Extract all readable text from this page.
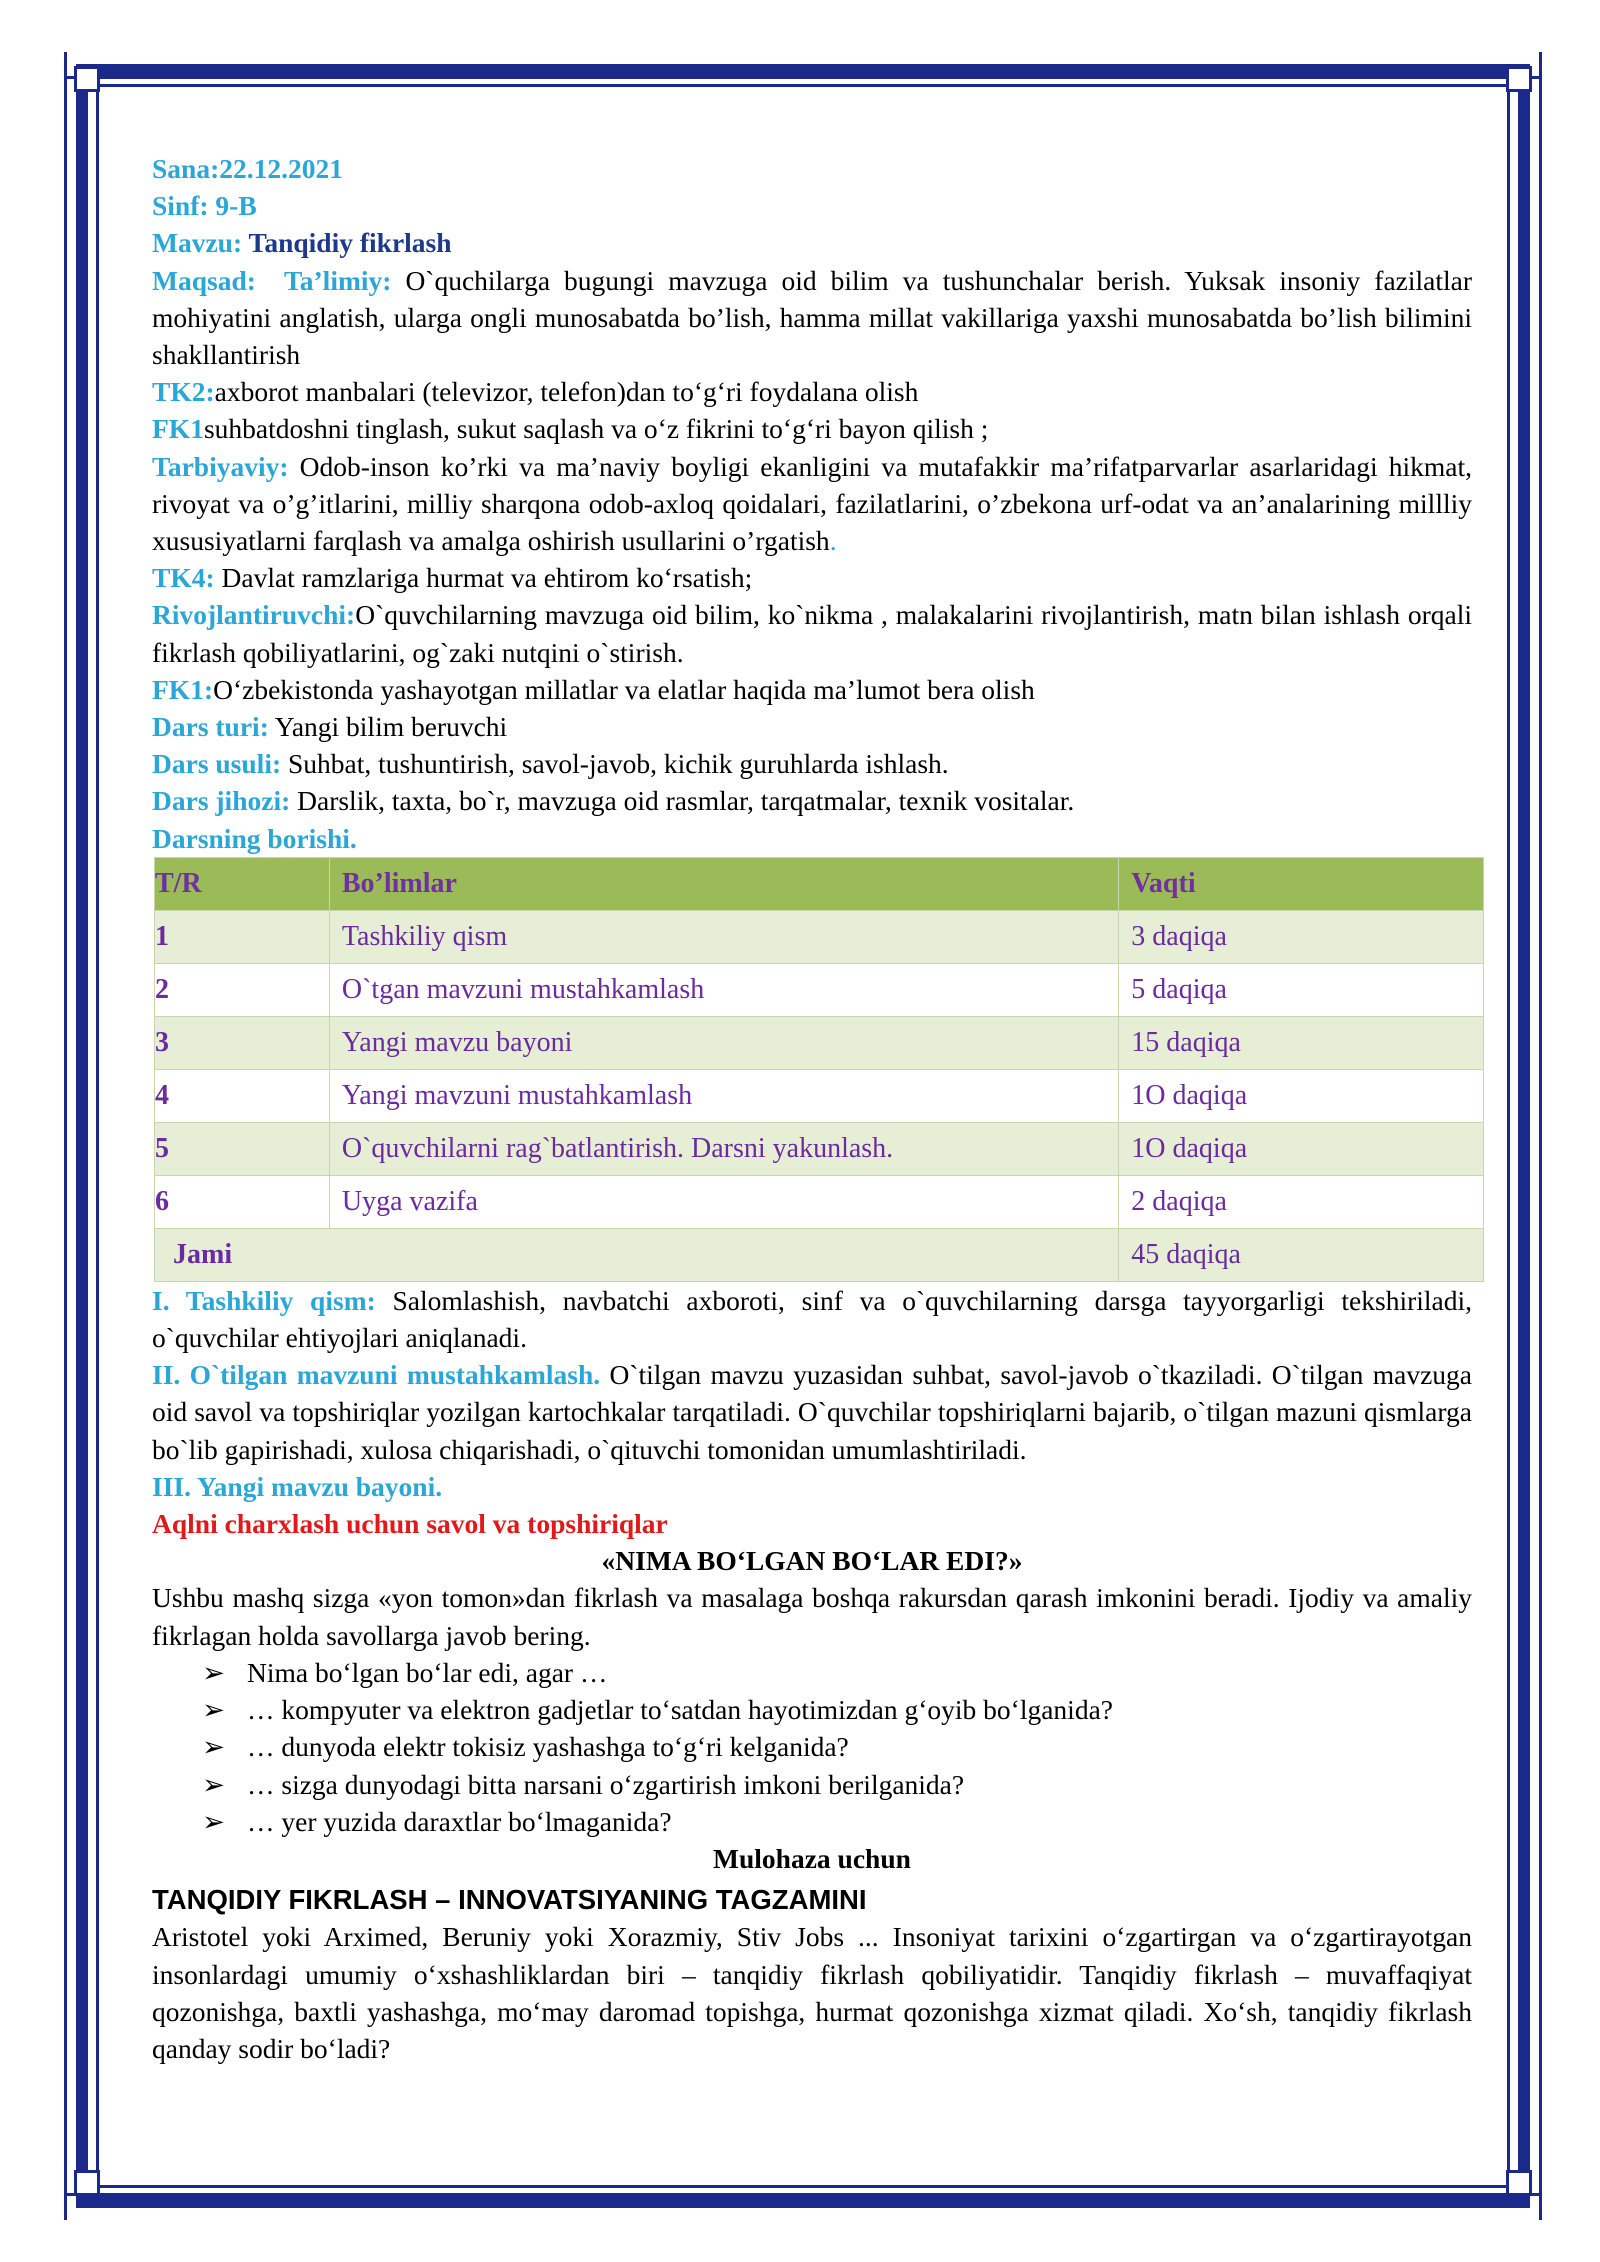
Sana:22.12.2021

Sinf: 9-B

Mavzu: Tanqidiy fikrlash

Maqsad: Ta’limiy: O`quchilarga bugungi mavzuga oid bilim va tushunchalar berish. Yuksak insoniy fazilatlar mohiyatini anglatish, ularga ongli munosabatda bo’lish, hamma millat vakillariga yaxshi munosabatda bo’lish bilimini shakllantirish

TK2:axborot manbalari (televizor, telefon)dan to‘g‘ri foydalana olish

FK1suhbatdoshni tinglash, sukut saqlash va o‘z fikrini to‘g‘ri bayon qilish ;

Tarbiyaviy: Odob-inson ko’rki va ma’naviy boyligi ekanligini va mutafakkir ma’rifatparvarlar asarlaridagi hikmat, rivoyat va o’g’itlarini, milliy sharqona odob-axloq qoidalari, fazilatlarini, o’zbekona urf-odat va an’analarining millliy xususiyatlarni farqlash va amalga oshirish usullarini o’rgatish.

TK4: Davlat ramzlariga hurmat va ehtirom ko‘rsatish;

Rivojlantiruvchi:O`quvchilarning mavzuga oid bilim, ko`nikma , malakalarini rivojlantirish, matn bilan ishlash orqali fikrlash qobiliyatlarini, og`zaki nutqini o`stirish.

FK1:O‘zbekistonda yashayotgan millatlar va elatlar haqida ma’lumot bera olish

Dars turi: Yangi bilim beruvchi

Dars usuli: Suhbat, tushuntirish, savol-javob, kichik guruhlarda ishlash.

Dars jihozi: Darslik, taxta, bo`r, mavzuga oid rasmlar, tarqatmalar, texnik vositalar.

Darsning borishi.

T/R	Bo’limlar	Vaqti
1	Tashkiliy qism	3 daqiqa
2	O`tgan mavzuni mustahkamlash	5 daqiqa
3	Yangi mavzu bayoni	15 daqiqa
4	Yangi mavzuni mustahkamlash	1O daqiqa
5	O`quvchilarni rag`batlantirish. Darsni yakunlash.	1O daqiqa
6	Uyga vazifa	2 daqiqa
Jami		45 daqiqa

I. Tashkiliy qism: Salomlashish, navbatchi axboroti, sinf va o`quvchilarning darsga tayyorgarligi tekshiriladi, o`quvchilar ehtiyojlari aniqlanadi.

II. O`tilgan mavzuni mustahkamlash. O`tilgan mavzu yuzasidan suhbat, savol-javob o`tkaziladi. O`tilgan mavzuga oid savol va topshiriqlar yozilgan kartochkalar tarqatiladi. O`quvchilar topshiriqlarni bajarib, o`tilgan mazuni qismlarga bo`lib gapirishadi, xulosa chiqarishadi, o`qituvchi tomonidan umumlashtiriladi.

III. Yangi mavzu bayoni.

Aqlni charxlash uchun savol va topshiriqlar

«NIMA BO‘LGAN BO‘LAR EDI?»

Ushbu mashq sizga «yon tomon»dan fikrlash va masalaga boshqa rakursdan qarash imkonini beradi. Ijodiy va amaliy fikrlagan holda savollarga javob bering.

➢ Nima bo‘lgan bo‘lar edi, agar …
➢ … kompyuter va elektron gadjetlar to‘satdan hayotimizdan g‘oyib bo‘lganida?
➢ … dunyoda elektr tokisiz yashashga to‘g‘ri kelganida?
➢ … sizga dunyodagi bitta narsani o‘zgartirish imkoni berilganida?
➢ … yer yuzida daraxtlar bo‘lmaganida?

Mulohaza uchun

TANQIDIY FIKRLASH – INNOVATSIYANING TAGZAMINI

Aristotel yoki Arximed, Beruniy yoki Xorazmiy, Stiv Jobs ... Insoniyat tarixini o‘zgartirgan va o‘zgartirayotgan insonlardagi umumiy o‘xshashliklardan biri – tanqidiy fikrlash qobiliyatidir. Tanqidiy fikrlash – muvaffaqiyat qozonishga, baxtli yashashga, mo‘may daromad topishga, hurmat qozonishga xizmat qiladi. Xo‘sh, tanqidiy fikrlash qanday sodir bo‘ladi?
